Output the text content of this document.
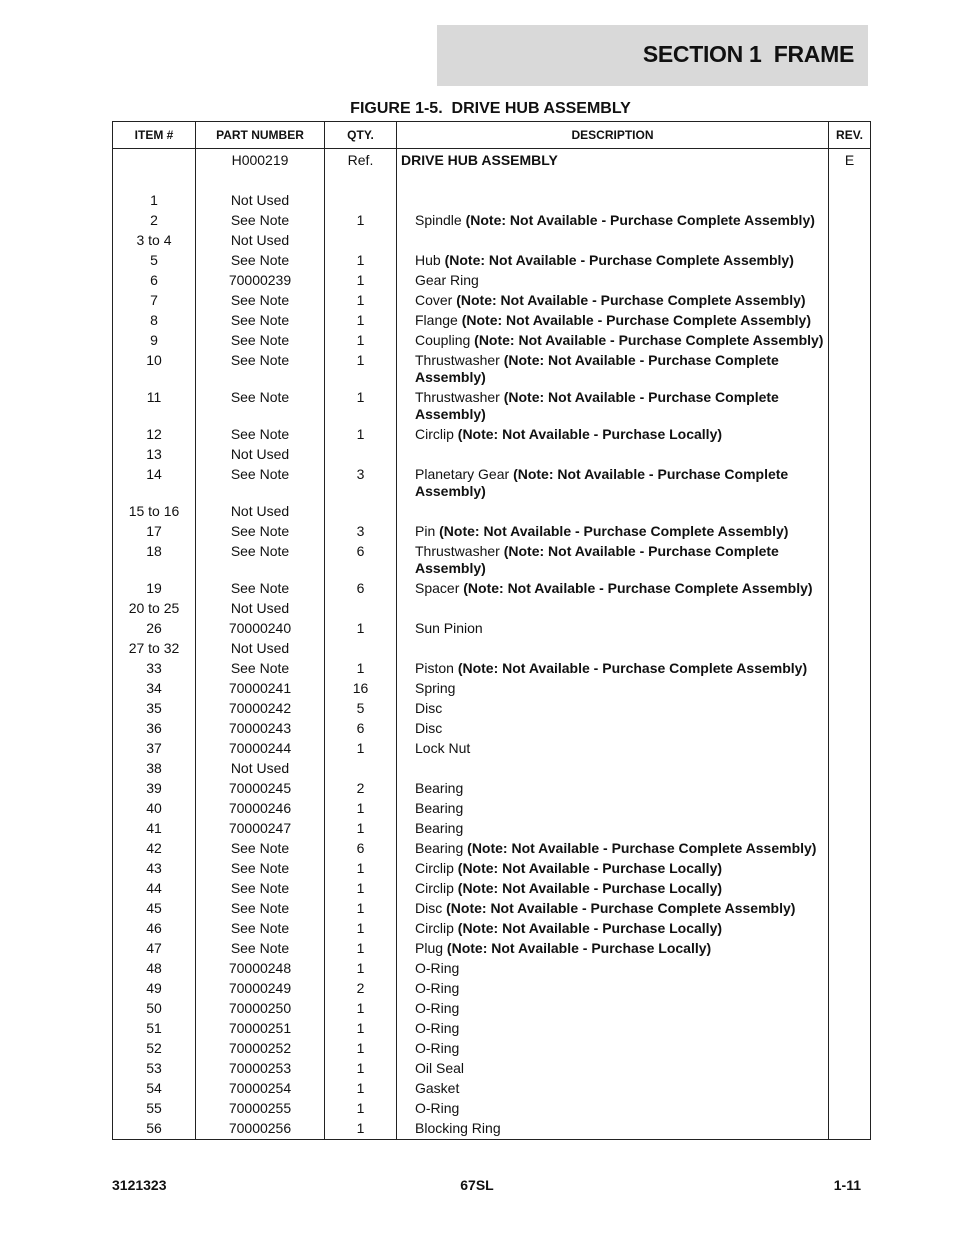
SECTION 1  FRAME
FIGURE 1-5.  DRIVE HUB ASSEMBLY
ITEM #	PART NUMBER	QTY.	DESCRIPTION	REV.
	H000219	Ref.	DRIVE HUB ASSEMBLY	E

1	Not Used			
2	See Note	1	Spindle (Note: Not Available - Purchase Complete Assembly)	
3 to 4	Not Used			
5	See Note	1	Hub (Note: Not Available - Purchase Complete Assembly)	
6	70000239	1	Gear Ring	
7	See Note	1	Cover (Note: Not Available - Purchase Complete Assembly)	
8	See Note	1	Flange (Note: Not Available - Purchase Complete Assembly)	
9	See Note	1	Coupling (Note: Not Available - Purchase Complete Assembly)	
10	See Note	1	Thrustwasher (Note: Not Available - Purchase Complete Assembly)	
11	See Note	1	Thrustwasher (Note: Not Available - Purchase Complete Assembly)	
12	See Note	1	Circlip (Note: Not Available - Purchase Locally)	
13	Not Used			
14	See Note	3	Planetary Gear (Note: Not Available - Purchase Complete Assembly)	
15 to 16	Not Used			
17	See Note	3	Pin (Note: Not Available - Purchase Complete Assembly)	
18	See Note	6	Thrustwasher (Note: Not Available - Purchase Complete Assembly)	
19	See Note	6	Spacer (Note: Not Available - Purchase Complete Assembly)	
20 to 25	Not Used			
26	70000240	1	Sun Pinion	
27 to 32	Not Used			
33	See Note	1	Piston (Note: Not Available - Purchase Complete Assembly)	
34	70000241	16	Spring	
35	70000242	5	Disc	
36	70000243	6	Disc	
37	70000244	1	Lock Nut	
38	Not Used			
39	70000245	2	Bearing	
40	70000246	1	Bearing	
41	70000247	1	Bearing	
42	See Note	6	Bearing (Note: Not Available - Purchase Complete Assembly)	
43	See Note	1	Circlip (Note: Not Available - Purchase Locally)	
44	See Note	1	Circlip (Note: Not Available - Purchase Locally)	
45	See Note	1	Disc (Note: Not Available - Purchase Complete Assembly)	
46	See Note	1	Circlip (Note: Not Available - Purchase Locally)	
47	See Note	1	Plug (Note: Not Available - Purchase Locally)	
48	70000248	1	O-Ring	
49	70000249	2	O-Ring	
50	70000250	1	O-Ring	
51	70000251	1	O-Ring	
52	70000252	1	O-Ring	
53	70000253	1	Oil Seal	
54	70000254	1	Gasket	
55	70000255	1	O-Ring	
56	70000256	1	Blocking Ring	
3121323	67SL	1-11
